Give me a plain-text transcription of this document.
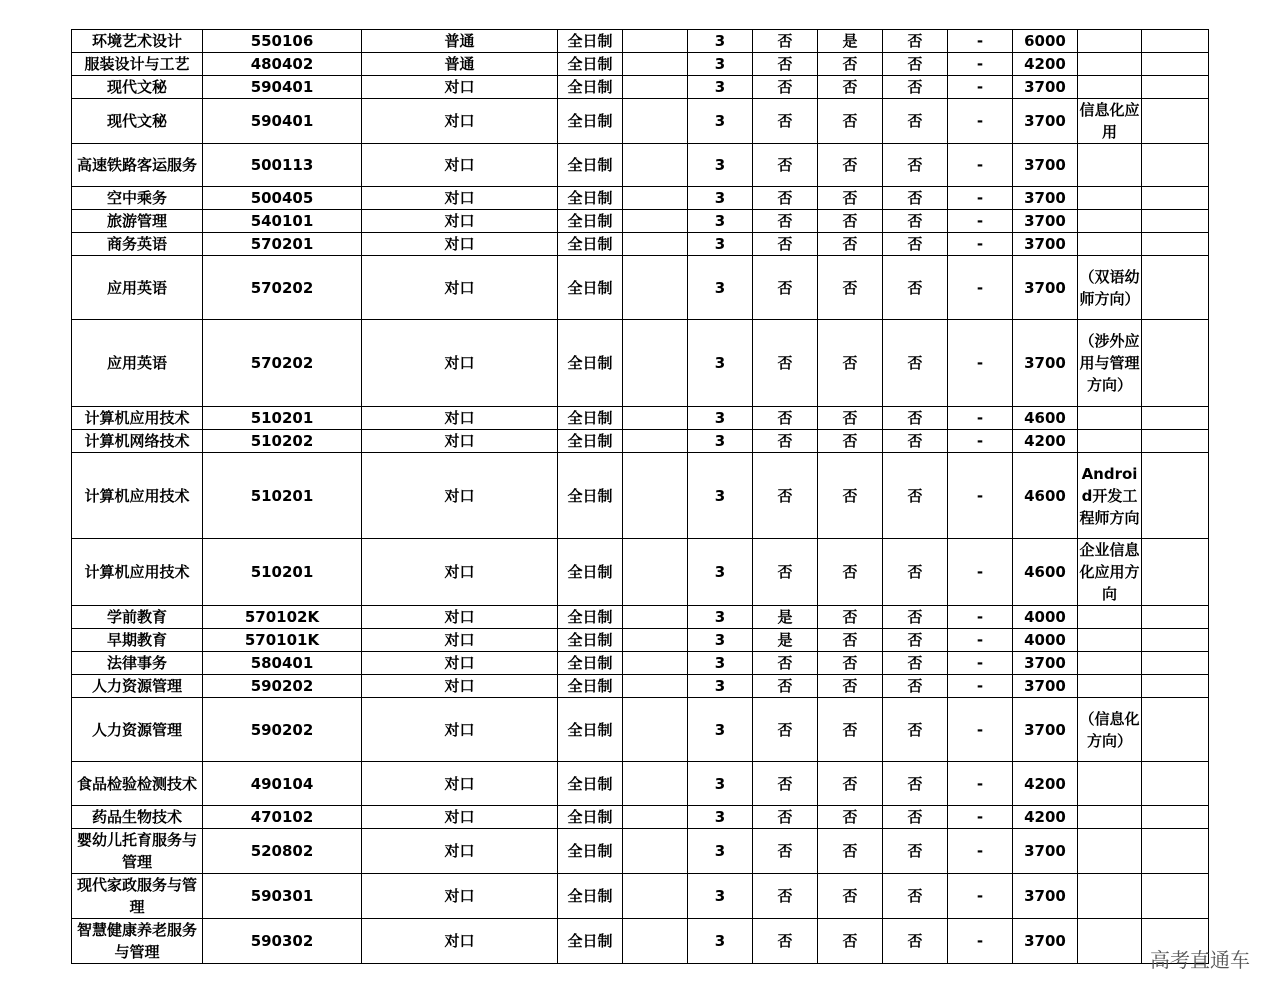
环境艺术设计	550106	普通	全日制		3	否	是	否	-	6000		
服装设计与工艺	480402	普通	全日制		3	否	否	否	-	4200		
现代文秘	590401	对口	全日制		3	否	否	否	-	3700		
现代文秘	590401	对口	全日制		3	否	否	否	-	3700	信息化应用	
高速铁路客运服务	500113	对口	全日制		3	否	否	否	-	3700		
空中乘务	500405	对口	全日制		3	否	否	否	-	3700		
旅游管理	540101	对口	全日制		3	否	否	否	-	3700		
商务英语	570201	对口	全日制		3	否	否	否	-	3700		
应用英语	570202	对口	全日制		3	否	否	否	-	3700	（双语幼师方向）	
应用英语	570202	对口	全日制		3	否	否	否	-	3700	（涉外应用与管理方向）	
计算机应用技术	510201	对口	全日制		3	否	否	否	-	4600		
计算机网络技术	510202	对口	全日制		3	否	否	否	-	4200		
计算机应用技术	510201	对口	全日制		3	否	否	否	-	4600	Android开发工程师方向	
计算机应用技术	510201	对口	全日制		3	否	否	否	-	4600	企业信息化应用方向	
学前教育	570102K	对口	全日制		3	是	否	否	-	4000		
早期教育	570101K	对口	全日制		3	是	否	否	-	4000		
法律事务	580401	对口	全日制		3	否	否	否	-	3700		
人力资源管理	590202	对口	全日制		3	否	否	否	-	3700		
人力资源管理	590202	对口	全日制		3	否	否	否	-	3700	（信息化方向）	
食品检验检测技术	490104	对口	全日制		3	否	否	否	-	4200		
药品生物技术	470102	对口	全日制		3	否	否	否	-	4200		
婴幼儿托育服务与管理	520802	对口	全日制		3	否	否	否	-	3700		
现代家政服务与管理	590301	对口	全日制		3	否	否	否	-	3700		
智慧健康养老服务与管理	590302	对口	全日制		3	否	否	否	-	3700		
高考直通车
